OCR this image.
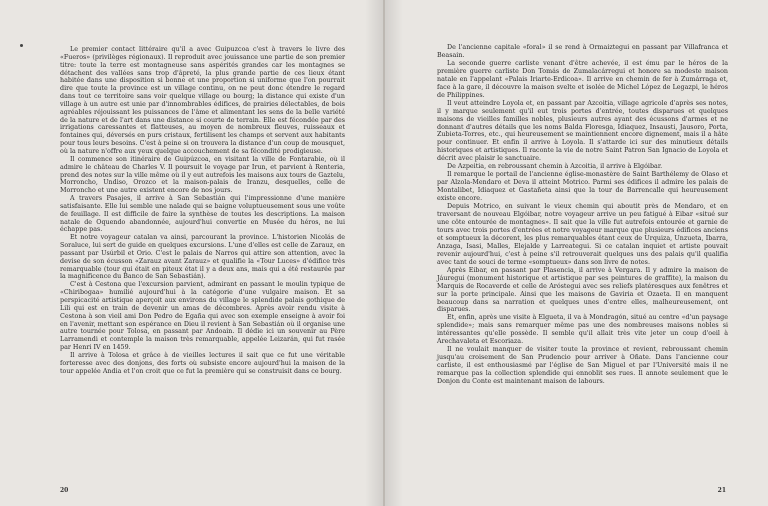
Le premier contact littéraire qu'il a avec Guipuzcoa c'est à travers le livre des «Fueros» (privilèges régionaux). Il reproduit avec jouissance une partie de son premier titre: toute la terre est montagneuse sans aspérités grandes car les montagnes se détachent des vallées sans trop d'âpreté, la plus grande partie de ces lieux étant habitée dans une disposition si bonne et une proportion si uniforme que l'on pourrait dire que toute la province est un village continu, on ne peut donc étendre le regard dans tout ce territoire sans voir quelque village ou bourg; la distance qui existe d'un village à un autre est unie par d'innombrables édifices, de prairies délectables, de bois agréables réjouissant les puissances de l'âme et alimentant les sens de la belle variété de la nature et de l'art dans une distance si courte de terrain. Elle est fécondée par des irrigations caressantes et flatteuses, au moyen de nombreux fleuves, ruisseaux et fontaines qui, déversés en purs cristaux, fertilisent les champs et servent aux habitants pour tous leurs besoins. C'est à peine si on trouvera la distance d'un coup de mousquet, où la nature n'offre aux yeux quelque accouchement de sa fécondité prodigieuse.

Il commence son itinéraire de Guipúzcoa, en visitant la ville de Fontarabie, où il admire le château de Charles V. Il poursuit le voyage par Irun, et parvient à Renteria, prend des notes sur la ville même où il y eut autrefois les maisons aux tours de Gaztelu, Morroncho, Undiso, Orozco et la maison-palais de Iranzu, desquelles, celle de Morroncho et une autre existent encore de nos jours.

A travers Pasajes, il arrive à San Sebastián qui l'impressionne d'une manière satisfaisante. Elle lui semble une naïade qui se baigne voluptueusement sous une voûte de feuillage. Il est difficile de faire la synthèse de toutes les descriptions. La maison natale de Oquendo abandonnée, aujourd'hui convertie en Musée du héros, ne lui échappe pas.

Et notre voyageur catalan va ainsi, parcourant la province. L'historien Nicolás de Soraluce, lui sert de guide en quelques excursions. L'une d'elles est celle de Zarauz, en passant par Usúrbil et Orio. C'est le palais de Narros qui attire son attention, avec la devise de son écusson «Zarauz avant Zarauz» et qualifie la «Tour Luces» d'édifice très remarquable (tour qui était en piteux état il y a deux ans, mais qui a été restaurée par la magnificence du Banco de San Sebastián).

C'est à Cestona que l'excursion parvient, admirant en passant le moulin typique de «Chiribogaa» humilié aujourd'hui à la catégorie d'une vulgaire maison. Et sa perspicacité artistique aperçoit aux environs du village le splendide palais gothique de Lili qui est en train de devenir un amas de décombres. Après avoir rendu visite à Cestona à son vieil ami Don Pedro de Egaña qui avec son exemple enseigne à avoir foi en l'avenir, mettant son espérance en Dieu il revient à San Sebastián où il organise une autre tournée pour Tolosa, en passant par Andoain. Il dédie ici un souvenir au Père Larramendi et contemple la maison très remarquable, appelée Leizarán, qui fut rasée par Henri IV en 1459.

Il arrive à Tolosa et grâce à de vieilles lectures il sait que ce fut une véritable forteresse avec des donjons, des forts où subsiste encore aujourd'hui la maison de la tour appelée Andia et l'on croit que ce fut la première qui se construisit dans ce bourg.

20

De l'ancienne capitale «foral» il se rend à Ormaiztegui en passant par Villafranca et Beasain.

La seconde guerre carliste venant d'être achevée, il est ému par le héros de la première guerre carliste Don Tomás de Zumalacárregui et honore sa modeste maison natale en l'appelant «Palais Iriarte-Erdicoa». Il arrive en chemin de fer à Zumárraga et, face à la gare, il découvre la maison svelte et isolée de Michel López de Legazpi, le héros de Philippines.

Il veut atteindre Loyola et, en passant par Azcoitia, village agricole d'après ses notes, il y marque seulement qu'il eut trois portes d'entrée, toutes disparues et quelques maisons de vieilles familles nobles, plusieurs autres ayant des écussons d'armes et ne donnant d'autres détails que les noms Balda Floresga, Idiaquez, Insausti, Jausoro, Porta, Zubieta-Torres, etc., qui heureusement se maintiennent encore dignement, mais il a hâte pour continuer. Et enfin il arrive à Loyola. Il s'attarde ici sur des minutieux détails historiques et artistiques. Il raconte la vie de notre Saint Patron San Ignacio de Loyola et décrit avec plaisir le sanctuaire.

De Azpeitia, en rebroussant chemin à Azcoitia, il arrive à Elgóibar.

Il remarque le portail de l'ancienne église-monastère de Saint Barthélemy de Olaso et par Alzola-Mendaro et Deva il atteint Motrico. Parmi ses édifices il admire les palais de Montalibet, Idiaquez et Gastañeta ainsi que la tour de Barrencalle qui heureusement existe encore.

Depuis Motrico, en suivant le vieux chemin qui aboutit près de Mendaro, et en traversant de nouveau Elgóibar, notre voyageur arrive un peu fatigué à Eibar «situé sur une côte entourée de montagnes». Il sait que la ville fut autrefois entourée et garnie de tours avec trois portes d'entrées et notre voyageur marque que plusieurs édifices anciens et somptueux la décorent, les plus remarquables étant ceux de Urquiza, Unzueta, Ibarra, Anzaga, Isasi, Malles, Elejalde y Larreategui. Si ce catalan inquiet et artiste pouvait revenir aujourd'hui, c'est à peine s'il retrouverait quelques uns des palais qu'il qualifia avec tant de souci de terme «somptueux» dans son livre de notes.

Après Eibar, en passant par Plasencia, il arrive à Vergara. Il y admire la maison de Jáuregui (monument historique et artistique par ses peintures de graffite), la maison du Marquis de Rocaverde et celle de Aróstegui avec ses reliefs platéresques aux fenêtres et sur la porte principale. Ainsi que les maisons de Gaviria et Ozaeta. Il en manquent beaucoup dans sa narration et quelques unes d'entre elles, malheureusement, ont disparues.

Et, enfin, après une visite à Elgueta, il va à Mondragón, situé au centre «d'un paysage splendide»; mais sans remarquer même pas une des nombreuses maisons nobles si intéressantes qu'elle possède. Il semble qu'il allait très vite jeter un coup d'oeil à Arechavaleta et Escoriaza.

Il ne voulait manquer de visiter toute la province et revient, rebroussant chemin jusqu'au croisement de San Prudencio pour arriver à Oñate. Dans l'ancienne cour carliste, il est enthousiasmé par l'église de San Miguel et par l'Université mais il ne remarque pas la collection splendide qui ennoblit ses rues. Il annote seulement que le Donjon du Conte est maintenant maison de labours.

21
